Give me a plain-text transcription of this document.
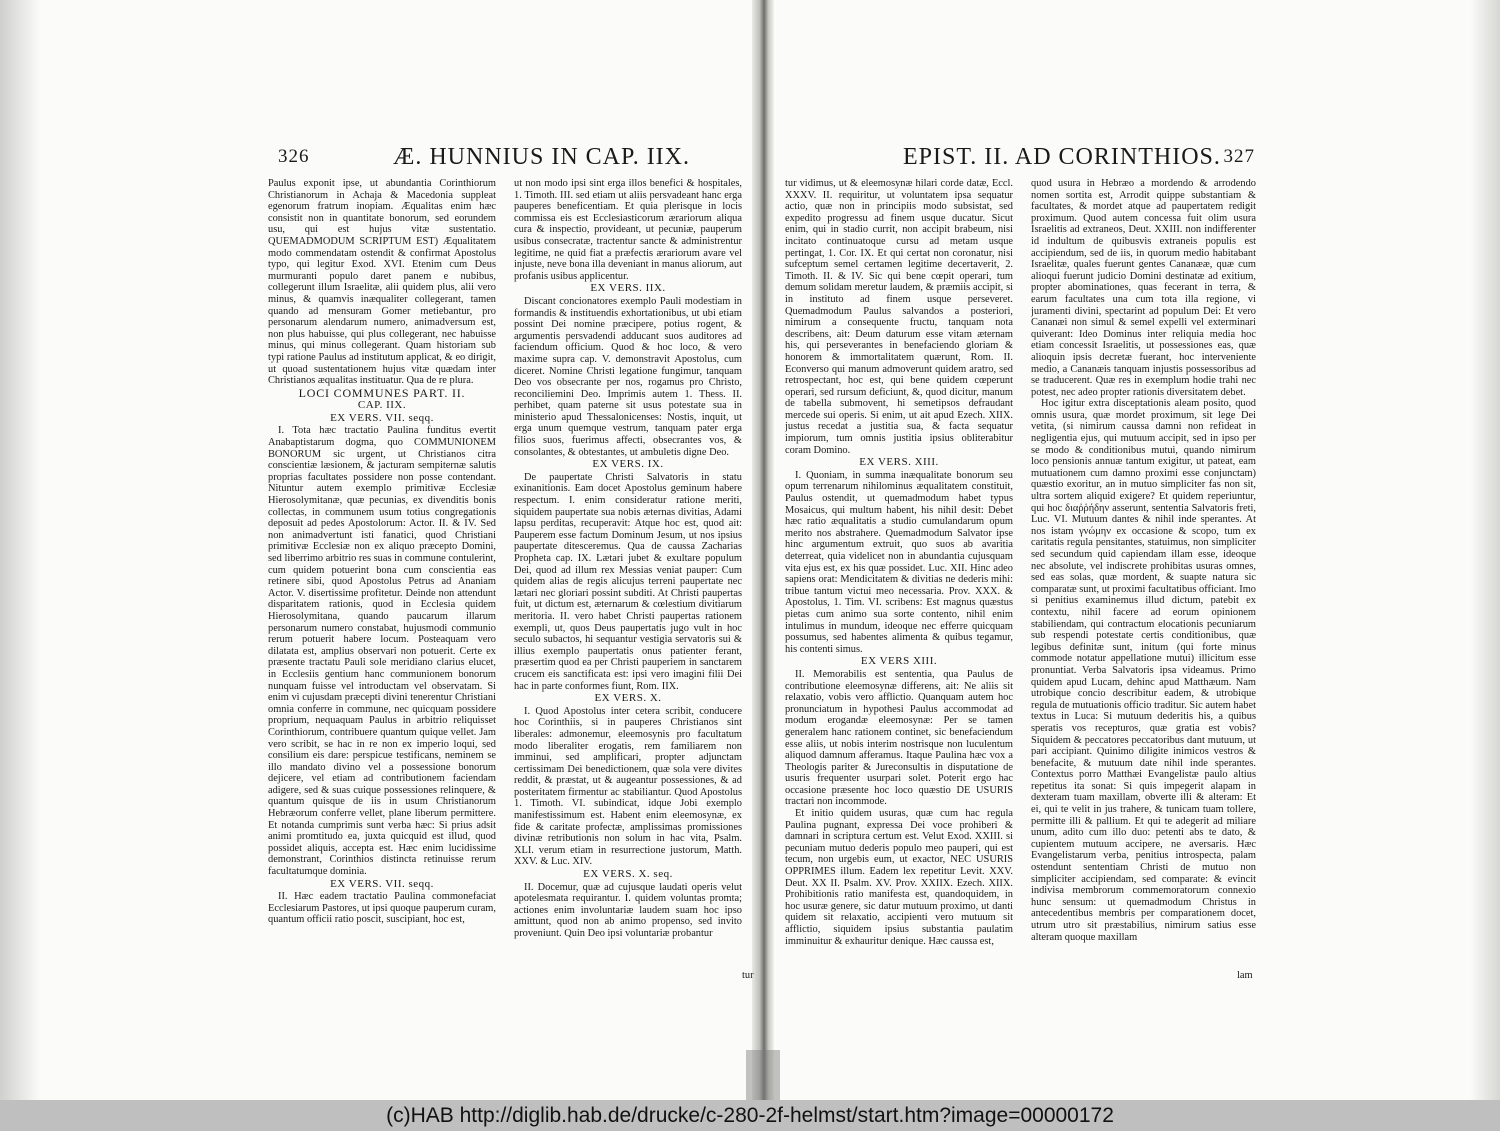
326	Æ. HUNNIUS IN CAP. IIX.

Paulus exponit ipse, ut abundantia Corinthiorum Christianorum in Achaja & Macedonia suppleat egenorum fratrum inopiam. Æqualitas enim hæc consistit non in quantitate bonorum, sed eorundem usu, qui est hujus vitæ sustentatio. QUEMADMODUM SCRIPTUM EST) Æqualitatem modo commendatam ostendit & confirmat Apostolus typo, qui legitur Exod. XVI. Etenim cum Deus murmuranti populo daret panem e nubibus, collegerunt illum Israelitæ, alii quidem plus, alii vero minus, & quamvis inæqualiter collegerant, tamen quando ad mensuram Gomer metiebantur, pro personarum alendarum numero, animadversum est, non plus habuisse, qui plus collegerant, nec habuisse minus, qui minus collegerant. Quam historiam sub typi ratione Paulus ad institutum applicat, & eo dirigit, ut quoad sustentationem hujus vitæ quædam inter Christianos æqualitas instituatur. Qua de re plura.

LOCI COMMUNES PART. II.
CAP. IIX.
EX VERS. VII. seqq.

I. Tota hæc tractatio Paulina funditus evertit Anabaptistarum dogma, quo COMMUNIONEM BONORUM sic urgent, ut Christianos citra conscientiæ læsionem, & jacturam sempiternæ salutis proprias facultates possidere non posse contendant. Nituntur autem exemplo primitivæ Ecclesiæ Hierosolymitanæ, quæ pecunias, ex divenditis bonis collectas, in communem usum totius congregationis deposuit ad pedes Apostolorum: Actor. II. & IV. Sed non animadvertunt isti fanatici, quod Christiani primitivæ Ecclesiæ non ex aliquo præcepto Domini, sed liberrimo arbitrio res suas in commune contulerint, cum quidem potuerint bona cum conscientia eas retinere sibi, quod Apostolus Petrus ad Ananiam Actor. V. disertissime profitetur. Deinde non attendunt disparitatem rationis, quod in Ecclesia quidem Hierosolymitana, quando paucarum illarum personarum numero constabat, hujusmodi communio rerum potuerit habere locum. Posteaquam vero dilatata est, amplius observari non potuerit. Certe ex præsente tractatu Pauli sole meridiano clarius elucet, in Ecclesiis gentium hanc communionem bonorum nunquam fuisse vel introductam vel observatam. Si enim vi cujusdam præcepti divini tenerentur Christiani omnia conferre in commune, nec quicquam possidere proprium, nequaquam Paulus in arbitrio reliquisset Corinthiorum, contribuere quantum quique vellet. Jam vero scribit, se hac in re non ex imperio loqui, sed consilium eis dare: perspicue testificans, neminem se illo mandato divino vel a possessione bonorum dejicere, vel etiam ad contributionem faciendam adigere, sed & suas cuique possessiones relinquere, & quantum quisque de iis in usum Christianorum Hebræorum conferre vellet, plane liberum permittere. Et notanda cumprimis sunt verba hæc: Si prius adsit animi promtitudo ea, juxta quicquid est illud, quod possidet aliquis, accepta est. Hæc enim lucidissime demonstrant, Corinthios distincta retinuisse rerum facultatumque dominia.

EX VERS. VII. seqq.

II. Hæc eadem tractatio Paulina commonefaciat Ecclesiarum Pastores, ut ipsi quoque pauperum curam, quantum officii ratio poscit, suscipiant, hoc est,

ut non modo ipsi sint erga illos benefici & hospitales, 1. Timoth. III. sed etiam ut aliis persvadeant hanc erga pauperes beneficentiam. Et quia plerisque in locis commissa eis est Ecclesiasticorum ærariorum aliqua cura & inspectio, provideant, ut pecuniæ, pauperum usibus consecratæ, tractentur sancte & administrentur legitime, ne quid fiat a præfectis ærariorum avare vel injuste, neve bona illa deveniant in manus aliorum, aut profanis usibus applicentur.

EX VERS. IIX.

Discant concionatores exemplo Pauli modestiam in formandis & instituendis exhortationibus, ut ubi etiam possint Dei nomine præcipere, potius rogent, & argumentis persvadendi adducant suos auditores ad faciendum officium. Quod & hoc loco, & vero maxime supra cap. V. demonstravit Apostolus, cum diceret. Nomine Christi legatione fungimur, tanquam Deo vos obsecrante per nos, rogamus pro Christo, reconciliemini Deo. Imprimis autem 1. Thess. II. perhibet, quam paterne sit usus potestate sua in ministerio apud Thessalonicenses: Nostis, inquit, ut erga unum quemque vestrum, tanquam pater erga filios suos, fuerimus affecti, obsecrantes vos, & consolantes, & obtestantes, ut ambuletis digne Deo.

EX VERS. IX.

De paupertate Christi Salvatoris in statu exinanitionis. Eam docet Apostolus geminum habere respectum. I. enim consideratur ratione meriti, siquidem paupertate sua nobis æternas divitias, Adami lapsu perditas, recuperavit: Atque hoc est, quod ait: Pauperem esse factum Dominum Jesum, ut nos ipsius paupertate ditesceremus. Qua de caussa Zacharias Propheta cap. IX. Lætari jubet & exultare populum Dei, quod ad illum rex Messias veniat pauper: Cum quidem alias de regis alicujus terreni paupertate nec lætari nec gloriari possint subditi. At Christi paupertas fuit, ut dictum est, æternarum & cœlestium divitiarum meritoria. II. vero habet Christi paupertas rationem exempli, ut, quos Deus paupertatis jugo vult in hoc seculo subactos, hi sequantur vestigia servatoris sui & illius exemplo paupertatis onus patienter ferant, præsertim quod ea per Christi pauperiem in sanctarem crucem eis sanctificata est: ipsi vero imagini filii Dei hac in parte conformes fiunt, Rom. IIX.

EX VERS. X.

I. Quod Apostolus inter cetera scribit, conducere hoc Corinthiis, si in pauperes Christianos sint liberales: admonemur, eleemosynis pro facultatum modo liberaliter erogatis, rem familiarem non imminui, sed amplificari, propter adjunctam certissimam Dei benedictionem, quæ sola vere divites reddit, & præstat, ut & augeantur possessiones, & ad posteritatem firmentur ac stabiliantur. Quod Apostolus 1. Timoth. VI. subindicat, idque Jobi exemplo manifestissimum est. Habent enim eleemosynæ, ex fide & caritate profectæ, amplissimas promissiones divinæ retributionis non solum in hac vita, Psalm. XLI. verum etiam in resurrectione justorum, Matth. XXV. & Luc. XIV.

EX VERS. X. seq.

II. Docemur, quæ ad cujusque laudati operis velut apotelesmata requirantur. I. quidem voluntas promta; actiones enim involuntariæ laudem suam hoc ipso amittunt, quod non ab animo propenso, sed invito proveniunt. Quin Deo ipsi voluntariæ probantur

tur
EPIST. II. AD CORINTHIOS. 327

tur vidimus, ut & eleemosynæ hilari corde datæ, Eccl. XXXV. II. requiritur, ut voluntatem ipsa sequatur actio, quæ non in principiis modo subsistat, sed expedito progressu ad finem usque ducatur. Sicut enim, qui in stadio currit, non accipit brabeum, nisi incitato continuatoque cursu ad metam usque pertingat, 1. Cor. IX. Et qui certat non coronatur, nisi sufceptum semel certamen legitime decertaverit, 2. Timoth. II. & IV. Sic qui bene cœpit operari, tum demum solidam meretur laudem, & præmiis accipit, si in instituto ad finem usque perseveret. Quemadmodum Paulus salvandos a posteriori, nimirum a consequente fructu, tanquam nota describens, ait: Deum daturum esse vitam æternam his, qui perseverantes in benefaciendo gloriam & honorem & immortalitatem quærunt, Rom. II. Econverso qui manum admoverunt quidem aratro, sed retrospectant, hoc est, qui bene quidem cœperunt operari, sed rursum deficiunt, &, quod dicitur, manum de tabella submovent, hi semetipsos defraudant mercede sui operis. Si enim, ut ait apud Ezech. XIIX. justus recedat a justitia sua, & facta sequatur impiorum, tum omnis justitia ipsius obliterabitur coram Domino.

EX VERS. XIII.

I. Quoniam, in summa inæqualitate bonorum seu opum terrenarum nihilominus æqualitatem constituit, Paulus ostendit, ut quemadmodum habet typus Mosaicus, qui multum habent, his nihil desit: Debet hæc ratio æqualitatis a studio cumulandarum opum merito nos abstrahere. Quemadmodum Salvator ipse hinc argumentum extruit, quo suos ab avaritia deterreat, quia videlicet non in abundantia cujusquam vita ejus est, ex his quæ possidet. Luc. XII. Hinc adeo sapiens orat: Mendicitatem & divitias ne dederis mihi: tribue tantum victui meo necessaria. Prov. XXX. & Apostolus, 1. Tim. VI. scribens: Est magnus quæstus pietas cum animo sua sorte contento, nihil enim intulimus in mundum, ideoque nec efferre quicquam possumus, sed habentes alimenta & quibus tegamur, his contenti simus.

EX VERS XIII.

II. Memorabilis est sententia, qua Paulus de contributione eleemosynæ differens, ait: Ne aliis sit relaxatio, vobis vero afflictio. Quanquam autem hoc pronunciatum in hypothesi Paulus accommodat ad modum erogandæ eleemosynæ: Per se tamen generalem hanc rationem continet, sic benefaciendum esse aliis, ut nobis interim nostrisque non luculentum aliquod damnum afferamus. Itaque Paulina hæc vox a Theologis pariter & Jureconsultis in disputatione de usuris frequenter usurpari solet. Poterit ergo hac occasione præsente hoc loco quæstio DE USURIS tractari non incommode.

Et initio quidem usuras, quæ cum hac regula Paulina pugnant, expressa Dei voce prohiberi & damnari in scriptura certum est. Velut Exod. XXIII. si pecuniam mutuo dederis populo meo pauperi, qui est tecum, non urgebis eum, ut exactor, NEC USURIS OPPRIMES illum. Eadem lex repetitur Levit. XXV. Deut. XX II. Psalm. XV. Prov. XXIIX. Ezech. XIIX. Prohibitionis ratio manifesta est, quandoquidem, in hoc usuræ genere, sic datur mutuum proximo, ut danti quidem sit relaxatio, accipienti vero mutuum sit afflictio, siquidem ipsius substantia paulatim imminuitur & exhauritur denique. Hæc caussa est,

quod usura in Hebræo a mordendo & arrodendo nomen sortita est, Arrodit quippe substantiam & facultates, & mordet atque ad paupertatem redigit proximum. Quod autem concessa fuit olim usura Israelitis ad extraneos, Deut. XXIII. non indifferenter id indultum de quibusvis extraneis populis est accipiendum, sed de iis, in quorum medio habitabant Israelitæ, quales fuerunt gentes Cananææ, quæ cum alioqui fuerunt judicio Domini destinatæ ad exitium, propter abominationes, quas fecerant in terra, & earum facultates una cum tota illa regione, vi juramenti divini, spectarint ad populum Dei: Et vero Cananæi non simul & semel expelli vel exterminari quiverant: Ideo Dominus inter reliquia media hoc etiam concessit Israelitis, ut possessiones eas, quæ alioquin ipsis decretæ fuerant, hoc interveniente medio, a Cananæis tanquam injustis possessoribus ad se traducerent. Quæ res in exemplum hodie trahi nec potest, nec adeo propter rationis diversitatem debet.

Hoc igitur extra disceptationis aleam posito, quod omnis usura, quæ mordet proximum, sit lege Dei vetita, (si nimirum caussa damni non refideat in negligentia ejus, qui mutuum accipit, sed in ipso per se modo & conditionibus mutui, quando nimirum loco pensionis annuæ tantum exigitur, ut pateat, eam mutuationem cum damno proximi esse conjunctam) quæstio exoritur, an in mutuo simpliciter fas non sit, ultra sortem aliquid exigere? Et quidem reperiuntur, qui hoc διαῤῥήδην asserunt, sententia Salvatoris freti, Luc. VI. Mutuum dantes & nihil inde sperantes. At nos istam γνώμην ex occasione & scopo, tum ex caritatis regula pensitantes, statuimus, non simpliciter sed secundum quid capiendam illam esse, ideoque nec absolute, vel indiscrete prohibitas usuras omnes, sed eas solas, quæ mordent, & suapte natura sic comparatæ sunt, ut proximi facultatibus officiant. Imo si penitius examinemus illud dictum, patebit ex contextu, nihil facere ad eorum opinionem stabiliendam, qui contractum elocationis pecuniarum sub respendi potestate certis conditionibus, quæ legibus definitæ sunt, initum (qui forte minus commode notatur appellatione mutui) illicitum esse pronuntiat. Verba Salvatoris ipsa videamus. Primo quidem apud Lucam, dehinc apud Matthæum. Nam utrobique concio describitur eadem, & utrobique regula de mutuationis officio traditur. Sic autem habet textus in Luca: Si mutuum dederitis his, a quibus speratis vos recepturos, quæ gratia est vobis? Siquidem & peccatores peccatoribus dant mutuum, ut pari accipiant. Quinimo diligite inimicos vestros & benefacite, & mutuum date nihil inde sperantes. Contextus porro Matthæi Evangelistæ paulo altius repetitus ita sonat: Si quis impegerit alapam in dexteram tuam maxillam, obverte illi & alteram: Et ei, qui te velit in jus trahere, & tunicam tuam tollere, permitte illi & pallium. Et qui te adegerit ad miliare unum, adito cum illo duo: petenti abs te dato, & cupientem mutuum accipere, ne aversaris. Hæc Evangelistarum verba, penitius introspecta, palam ostendunt sententiam Christi de mutuo non simpliciter accipiendam, sed comparate: & evincit indivisa membrorum commemoratorum connexio hunc sensum: ut quemadmodum Christus in antecedentibus membris per comparationem docet, utrum utro sit præstabilius, nimirum satius esse alteram quoque maxillam

lam
(c)HAB http://diglib.hab.de/drucke/c-280-2f-helmst/start.htm?image=00000172
